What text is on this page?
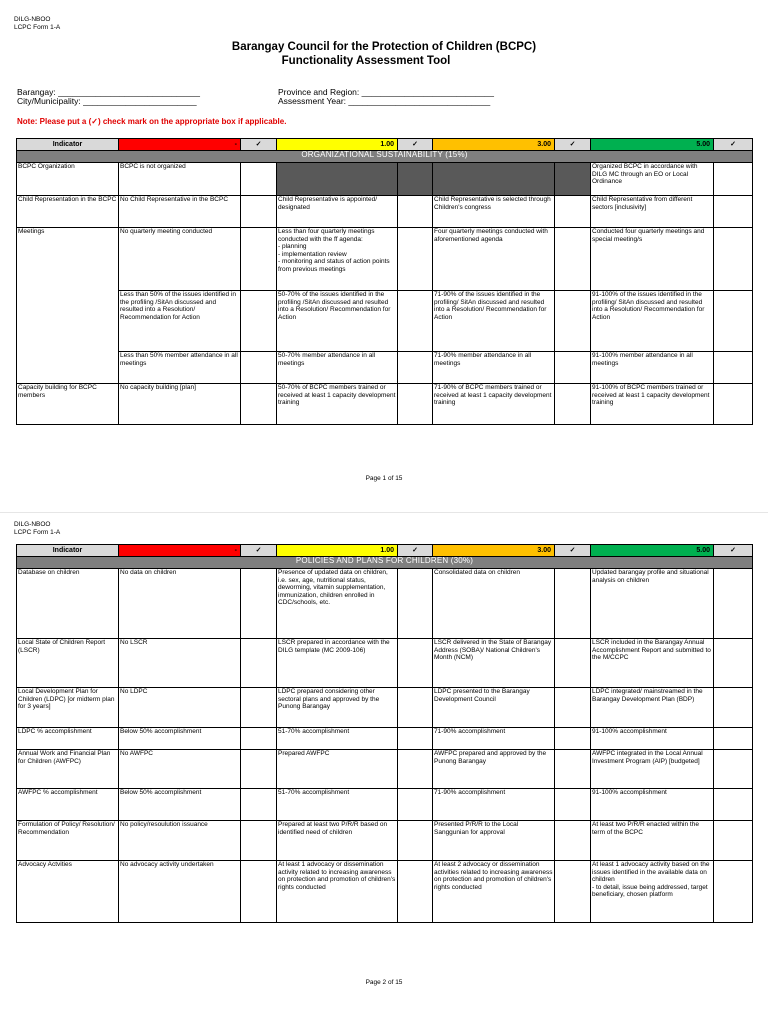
DILG-NBOO
LCPC Form 1-A
Barangay Council for the Protection of Children (BCPC)
Functionality Assessment Tool
Barangay: ______________________________
City/Municipality: ________________________
Province and Region: ____________________________
Assessment Year: ______________________________
Note: Please put a (✓) check mark on the appropriate box if applicable.
Indicator	-	✓	1.00	✓	3.00	✓	5.00	✓
ORGANIZATIONAL SUSTAINABILITY (15%)								
BCPC Organization	BCPC is not organized						Organized BCPC in accordance with DILG MC through an EO or Local Ordinance	
Child Representation in the BCPC	No Child Representative in the BCPC		Child Representative is appointed/ designated		Child Representative is selected through Children's congress		Child Representative from different sectors [inclusivity]	
Meetings	No quarterly meeting conducted		Less than four quarterly meetings conducted with the ff agenda:
- planning
- implementation review
- monitoring and status of action points from previous meetings		Four quarterly meetings conducted with aforementioned agenda		Conducted four quarterly meetings and special meeting/s	
	Less than 50% of the issues identified in the profiling /SitAn discussed and resulted into a Resolution/ Recommendation for Action		50-70% of the issues identified in the profiling /SitAn discussed and resulted into a Resolution/ Recommendation for Action		71-90% of the issues identified in the profiling/ SitAn discussed and resulted into a Resolution/ Recommendation for Action		91-100% of the issues identified in the profiling/ SitAn discussed and resulted into a Resolution/ Recommendation for Action	
	Less than 50% member attendance in all meetings		50-70% member attendance in all meetings		71-90% member attendance in all meetings		91-100% member attendance in all meetings	
Capacity building for BCPC members	No capacity building [plan]		50-70% of BCPC members trained or received at least 1 capacity development training		71-90% of BCPC members trained or received at least 1 capacity development training		91-100% of BCPC members trained or received at least 1 capacity development training	
Page 1 of 15
DILG-NBOO
LCPC Form 1-A
Indicator	-	✓	1.00	✓	3.00	✓	5.00	✓
POLICIES AND PLANS FOR CHILDREN (30%)								
Database on children	No data on children		Presence of updated data on children, i.e. sex, age, nutritional status, deworming, vitamin supplementation, immunization, children enrolled in CDC/schools, etc.		Consolidated data on children		Updated barangay profile and situational analysis on children	
Local State of Children Report (LSCR)	No LSCR		LSCR prepared in accordance with the DILG template (MC 2009-106)		LSCR delivered in the State of Barangay Address (SOBA)/ National Children's Month (NCM)		LSCR included in the Barangay Annual Accomplishment Report and submitted to the M/CCPC	
Local Development Plan for Children (LDPC) [or midterm plan for 3 years]	No LDPC		LDPC prepared considering other sectoral plans and approved by the Punong Barangay		LDPC presented to the Barangay Development Council		LDPC integrated/ mainstreamed in the Barangay Development Plan (BDP)	
LDPC % accomplishment	Below 50% accomplishment		51-70% accomplishment		71-90% accomplishment		91-100% accomplishment	
Annual Work and Financial Plan for Children (AWFPC)	No AWFPC		Prepared AWFPC		AWFPC prepared and approved by the Punong Barangay		AWFPC integrated in the Local Annual Investment Program (AIP) [budgeted]	
AWFPC % accomplishment	Below 50% accomplishment		51-70% accomplishment		71-90% accomplishment		91-100% accomplishment	
Formulation of Policy/ Resolution/ Recommendation	No policy/resoulution issuance		Prepared at least two P/R/R based on identified need of children		Presented P/R/R to the Local Sanggunian for approval		At least two P/R/R enacted within the term of the BCPC	
Advocacy Actvities	No advocacy activity undertaken		At least 1 advocacy or dissemination activity related to increasing awareness on protection and promotion of children's rights conducted		At least 2 advocacy or dissemination activities related to increasing awareness on protection and promotion of children's rights conducted		At least 1 advocacy activity based on the issues identified in the available data on children
- to detail, issue being addressed, target beneficiary, chosen platform	
Page 2 of 15
